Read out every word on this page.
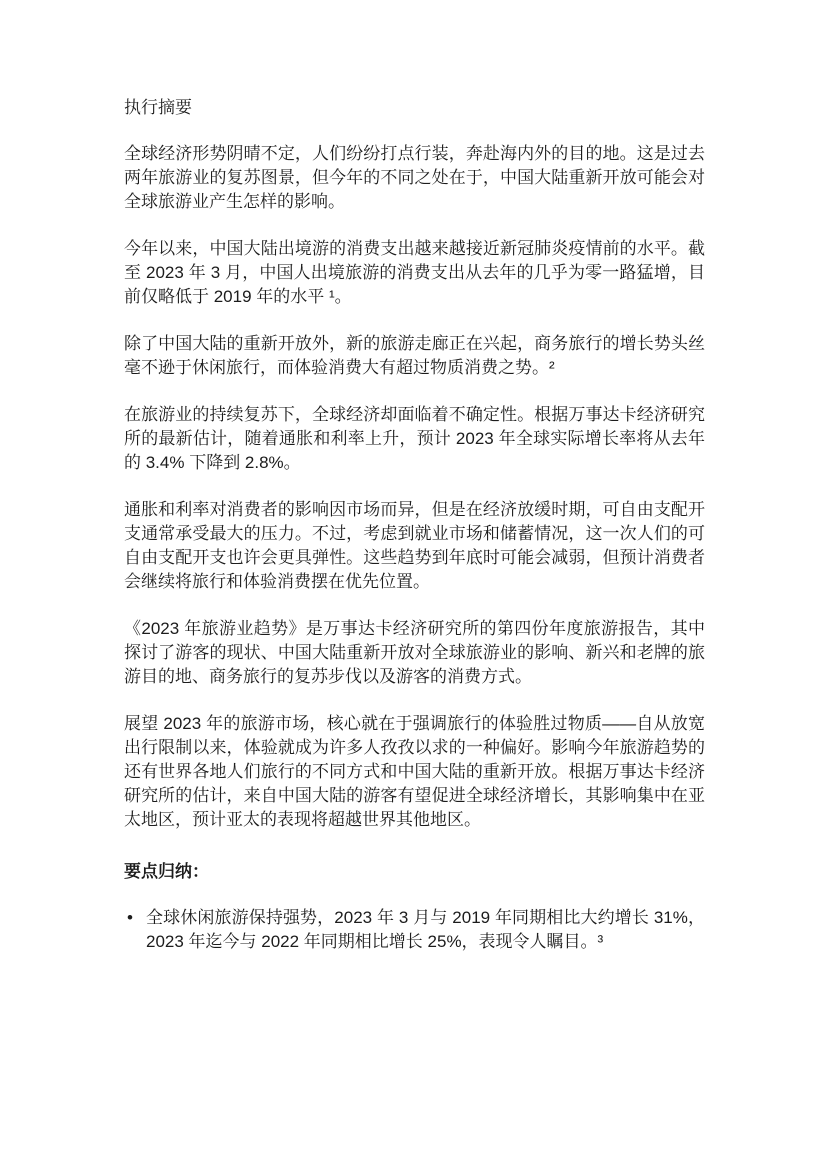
执行摘要

全球经济形势阴晴不定，人们纷纷打点行装，奔赴海内外的目的地。这是过去两年旅游业的复苏图景，但今年的不同之处在于，中国大陆重新开放可能会对全球旅游业产生怎样的影响。

今年以来，中国大陆出境游的消费支出越来越接近新冠肺炎疫情前的水平。截至 2023 年 3 月，中国人出境旅游的消费支出从去年的几乎为零一路猛增，目前仅略低于 2019 年的水平 ¹。

除了中国大陆的重新开放外，新的旅游走廊正在兴起，商务旅行的增长势头丝毫不逊于休闲旅行，而体验消费大有超过物质消费之势。²

在旅游业的持续复苏下，全球经济却面临着不确定性。根据万事达卡经济研究所的最新估计，随着通胀和利率上升，预计 2023 年全球实际增长率将从去年的 3.4% 下降到 2.8%。

通胀和利率对消费者的影响因市场而异，但是在经济放缓时期，可自由支配开支通常承受最大的压力。不过，考虑到就业市场和储蓄情况，这一次人们的可自由支配开支也许会更具弹性。这些趋势到年底时可能会减弱，但预计消费者会继续将旅行和体验消费摆在优先位置。

《2023 年旅游业趋势》是万事达卡经济研究所的第四份年度旅游报告，其中探讨了游客的现状、中国大陆重新开放对全球旅游业的影响、新兴和老牌的旅游目的地、商务旅行的复苏步伐以及游客的消费方式。

展望 2023 年的旅游市场，核心就在于强调旅行的体验胜过物质——自从放宽出行限制以来，体验就成为许多人孜孜以求的一种偏好。影响今年旅游趋势的还有世界各地人们旅行的不同方式和中国大陆的重新开放。根据万事达卡经济研究所的估计，来自中国大陆的游客有望促进全球经济增长，其影响集中在亚太地区，预计亚太的表现将超越世界其他地区。

要点归纳：
• 全球休闲旅游保持强势，2023 年 3 月与 2019 年同期相比大约增长 31%，2023 年迄今与 2022 年同期相比增长 25%，表现令人瞩目。³
